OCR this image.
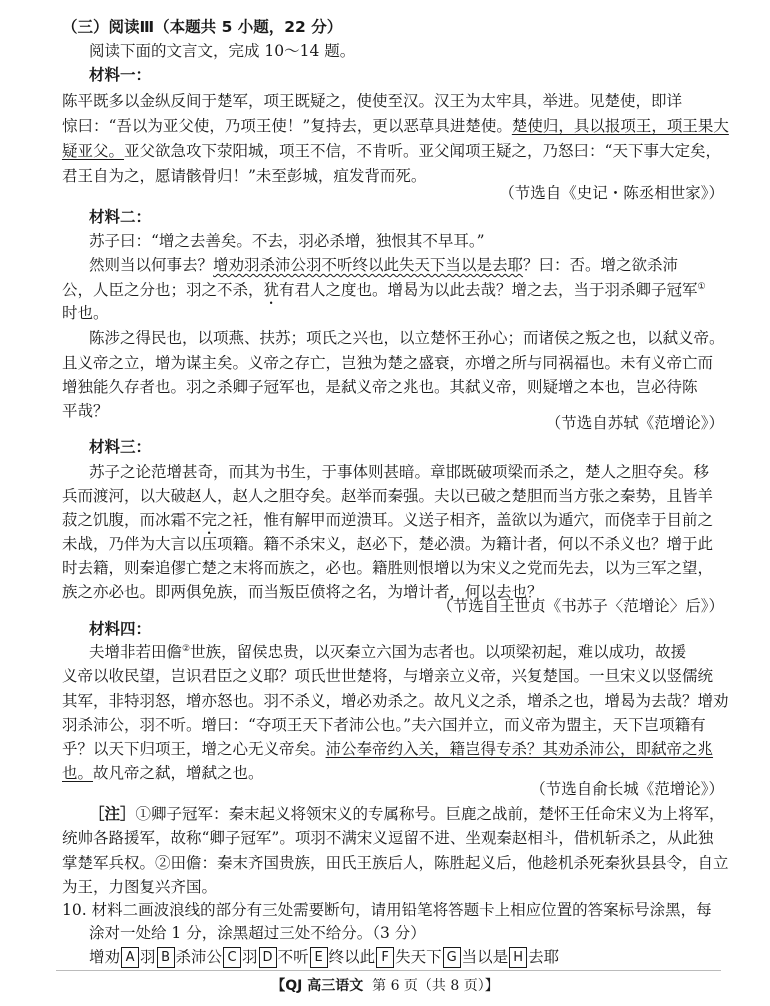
（三）阅读Ⅲ（本题共 5 小题，22 分）
阅读下面的文言文，完成 10～14 题。
材料一：
陈平既多以金纵反间于楚军，项王既疑之，使使至汉。汉王为太牢具，举进。见楚使，即详
惊曰：“吾以为亚父使，乃项王使！”复持去，更以恶草具进楚使。楚使归，具以报项王，项王果大
疑亚父。亚父欲急攻下荥阳城，项王不信，不肯听。亚父闻项王疑之，乃怒曰：“天下事大定矣，
君王自为之，愿请骸骨归！”未至彭城，疽发背而死。
（节选自《史记・陈丞相世家》）
材料二：
苏子曰：“增之去善矣。不去，羽必杀增，独恨其不早耳。”
然则当以何事去？增劝羽杀沛公羽不听终以此失天下当以是去耶？曰：否。增之欲杀沛
公，人臣之分也；羽之不杀，犹有君人之度也。增曷为以此去哉？增之去，当于羽杀卿子冠军①
时也。
陈涉之得民也，以项燕、扶苏；项氏之兴也，以立楚怀王孙心；而诸侯之叛之也，以弑义帝。
且义帝之立，增为谋主矣。义帝之存亡，岂独为楚之盛衰，亦增之所与同祸福也。未有义帝亡而
增独能久存者也。羽之杀卿子冠军也，是弑义帝之兆也。其弑义帝，则疑增之本也，岂必待陈
平哉？
（节选自苏轼《范增论》）
材料三：
苏子之论范增甚奇，而其为书生，于事体则甚暗。章邯既破项梁而杀之，楚人之胆夺矣。移
兵而渡河，以大破赵人，赵人之胆夺矣。赵举而秦强。夫以已破之楚胆而当方张之秦势，且皆羊
菽之饥腹，而冰霜不完之衽，惟有解甲而逆溃耳。义送子相齐，盖欲以为遁穴，而侥幸于目前之
未战，乃伴为大言以压项籍。籍不杀宋义，赵必下，楚必溃。为籍计者，何以不杀义也？增于此
时去籍，则秦追僇亡楚之末将而族之，必也。籍胜则恨增以为宋义之党而先去，以为三军之望，
族之亦必也。即两俱免族，而当叛臣偾将之名，为增计者，何以去也？
（节选自王世贞《书苏子〈范增论〉后》）
材料四：
夫增非若田儋②世族，留侯忠贵，以灭秦立六国为志者也。以项梁初起，难以成功，故援
义帝以收民望，岂识君臣之义耶？项氏世世楚将，与增亲立义帝，兴复楚国。一旦宋义以竖儒统
其军，非特羽怒，增亦怒也。羽不杀义，增必劝杀之。故凡义之杀，增杀之也，增曷为去哉？增劝
羽杀沛公，羽不听。增曰：“夺项王天下者沛公也。”夫六国并立，而义帝为盟主，天下岂项籍有
乎？以天下归项王，增之心无义帝矣。沛公奉帝约入关，籍岂得专杀？其劝杀沛公，即弑帝之兆
也。故凡帝之弑，增弑之也。
（节选自俞长城《范增论》）
［注］①卿子冠军：秦末起义将领宋义的专属称号。巨鹿之战前，楚怀王任命宋义为上将军，
统帅各路援军，故称“卿子冠军”。项羽不满宋义逗留不进、坐观秦赵相斗，借机斩杀之，从此独
掌楚军兵权。②田儋：秦末齐国贵族，田氏王族后人，陈胜起义后，他趁机杀死秦狄县县令，自立
为王，力图复兴齐国。
10. 材料二画波浪线的部分有三处需要断句，请用铅笔将答题卡上相应位置的答案标号涂黑，每
涂对一处给 1 分，涂黑超过三处不给分。（3 分）
增劝 A 羽 B 杀沛公 C 羽 D 不听 E 终以此 F 失天下 G 当以是 H 去耶
【QJ 高三语文 第 6 页（共 8 页）】
